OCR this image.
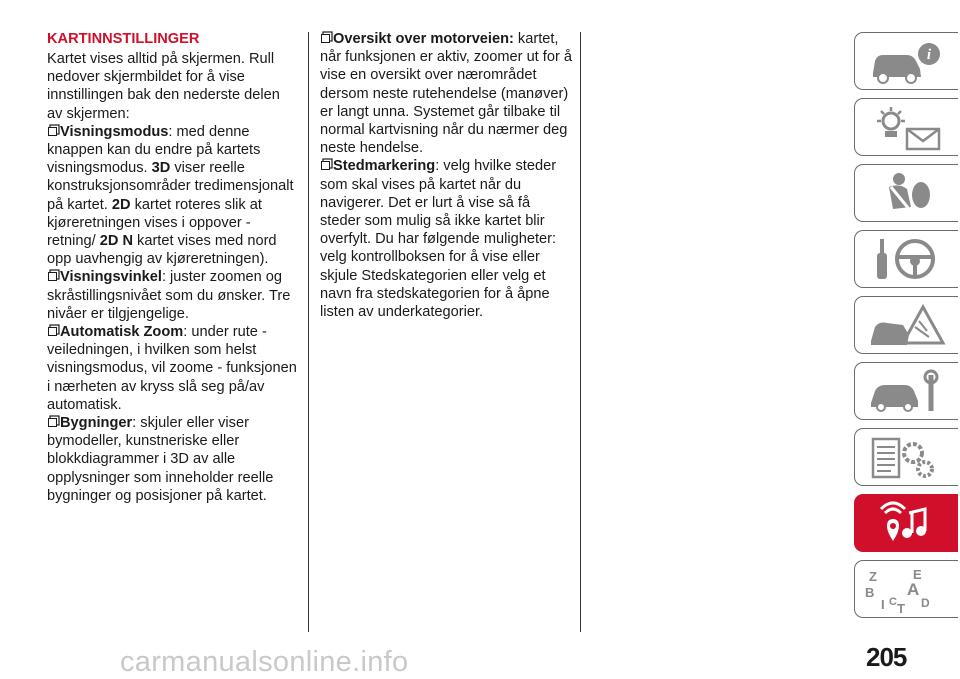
KARTINNSTILLINGER

Kartet vises alltid på skjermen. Rull nedover skjermbildet for å vise innstillingen bak den nederste delen av skjermen:

Visningsmodus: med denne knappen kan du endre på kartets visningsmodus. 3D viser reelle konstruksjonsområder tredimensjonalt på kartet. 2D kartet roteres slik at kjøreretningen vises i oppover - retning/ 2D N kartet vises med nord opp uavhengig av kjøreretningen).

Visningsvinkel: juster zoomen og skråstillingsnivået som du ønsker. Tre nivåer er tilgjengelige.

Automatisk Zoom: under rute - veiledningen, i hvilken som helst visningsmodus, vil zoome - funksjonen i nærheten av kryss slå seg på/av automatisk.

Bygninger: skjuler eller viser bymodeller, kunstneriske eller blokkdiagrammer i 3D av alle opplysninger som inneholder reelle bygninger og posisjoner på kartet.

Oversikt over motorveien: kartet, når funksjonen er aktiv, zoomer ut for å vise en oversikt over nærområdet dersom neste rutehendelse (manøver) er langt unna. Systemet går tilbake til normal kartvisning når du nærmer deg neste hendelse.

Stedmarkering: velg hvilke steder som skal vises på kartet når du navigerer. Det er lurt å vise så få steder som mulig så ikke kartet blir overfylt. Du har følgende muligheter: velg kontrollboksen for å vise eller skjule Stedskategorien eller velg et navn fra stedskategorien for å åpne listen av underkategorier.

i
Z	E
B A
D
I C T
carmanualsonline.info	205
